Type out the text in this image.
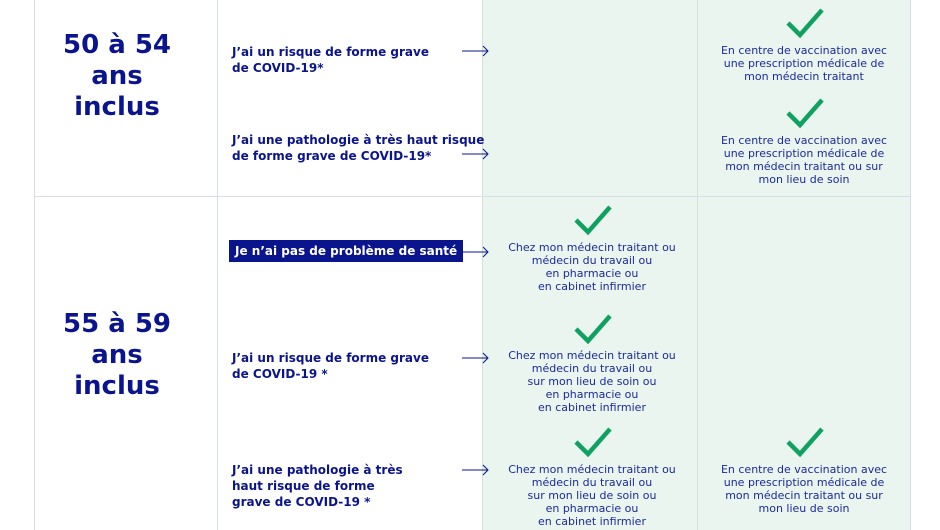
50 à 54
ans
inclus
55 à 59
ans
inclus
J’ai un risque de forme grave
de COVID-19*
En centre de vaccination avec
une prescription médicale de
mon médecin traitant
J’ai une pathologie à très haut risque
de forme grave de COVID-19*
En centre de vaccination avec
une prescription médicale de
mon médecin traitant ou sur
mon lieu de soin
Je n’ai pas de problème de santé	Chez mon médecin traitant ou
médecin du travail ou
en pharmacie ou
en cabinet infirmier
J’ai un risque de forme grave
de COVID-19 *
Chez mon médecin traitant ou
médecin du travail ou
sur mon lieu de soin ou
en pharmacie ou
en cabinet infirmier
J’ai une pathologie à très
haut risque de forme
grave de COVID-19 *
Chez mon médecin traitant ou
médecin du travail ou
sur mon lieu de soin ou
en pharmacie ou
en cabinet infirmier
En centre de vaccination avec
une prescription médicale de
mon médecin traitant ou sur
mon lieu de soin
